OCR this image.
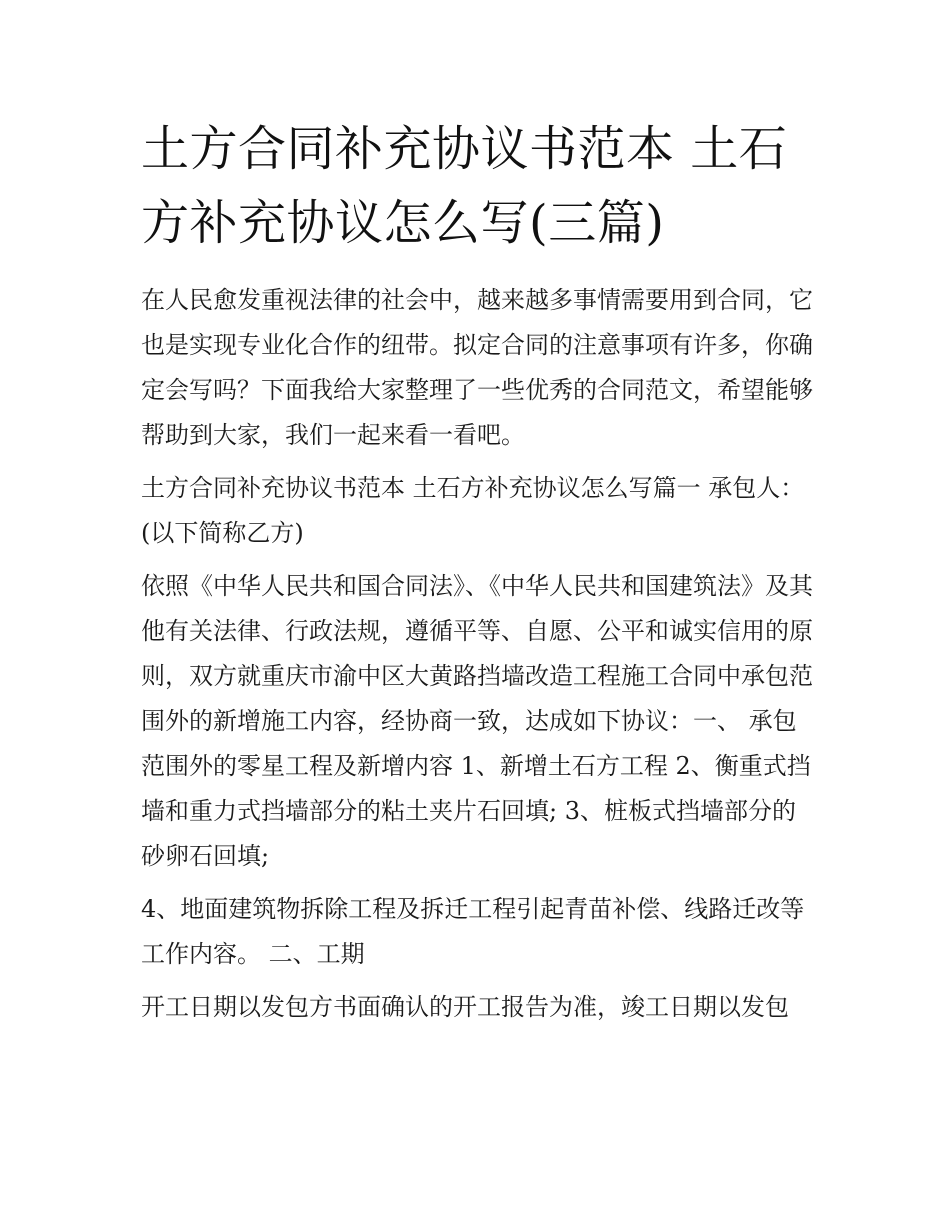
土方合同补充协议书范本 土石方补充协议怎么写(三篇)

在人民愈发重视法律的社会中，越来越多事情需要用到合同，它也是实现专业化合作的纽带。拟定合同的注意事项有许多，你确定会写吗？下面我给大家整理了一些优秀的合同范文，希望能够帮助到大家，我们一起来看一看吧。

土方合同补充协议书范本 土石方补充协议怎么写篇一 承包人：(以下简称乙方)

依照《中华人民共和国合同法》、《中华人民共和国建筑法》及其他有关法律、行政法规，遵循平等、自愿、公平和诚实信用的原则，双方就重庆市渝中区大黄路挡墙改造工程施工合同中承包范围外的新增施工内容，经协商一致，达成如下协议：一、 承包范围外的零星工程及新增内容 1、新增土石方工程 2、衡重式挡墙和重力式挡墙部分的粘土夹片石回填; 3、桩板式挡墙部分的砂卵石回填;

4、地面建筑物拆除工程及拆迁工程引起青苗补偿、线路迁改等工作内容。 二、工期

开工日期以发包方书面确认的开工报告为准，竣工日期以发包
